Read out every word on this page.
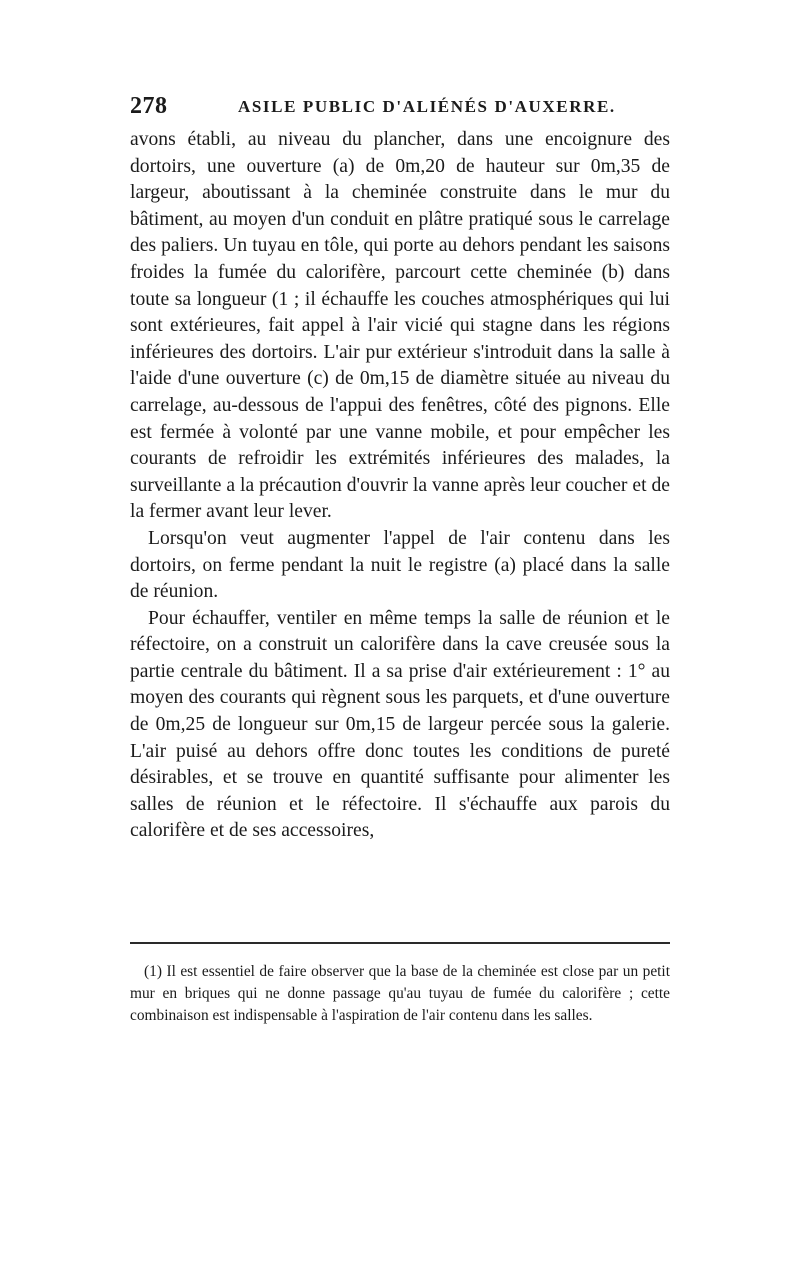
278	ASILE PUBLIC D'ALIÉNÉS D'AUXERRE.

avons établi, au niveau du plancher, dans une encoignure des dortoirs, une ouverture (a) de 0m,20 de hauteur sur 0m,35 de largeur, aboutissant à la cheminée construite dans le mur du bâtiment, au moyen d'un conduit en plâtre pratiqué sous le carrelage des paliers. Un tuyau en tôle, qui porte au dehors pendant les saisons froides la fumée du calorifère, parcourt cette cheminée (b) dans toute sa longueur (1 ; il échauffe les couches atmosphériques qui lui sont extérieures, fait appel à l'air vicié qui stagne dans les régions inférieures des dortoirs. L'air pur extérieur s'introduit dans la salle à l'aide d'une ouverture (c) de 0m,15 de diamètre située au niveau du carrelage, au-dessous de l'appui des fenêtres, côté des pignons. Elle est fermée à volonté par une vanne mobile, et pour empêcher les courants de refroidir les extrémités inférieures des malades, la surveillante a la précaution d'ouvrir la vanne après leur coucher et de la fermer avant leur lever.

Lorsqu'on veut augmenter l'appel de l'air contenu dans les dortoirs, on ferme pendant la nuit le registre (a) placé dans la salle de réunion.

Pour échauffer, ventiler en même temps la salle de réunion et le réfectoire, on a construit un calorifère dans la cave creusée sous la partie centrale du bâtiment. Il a sa prise d'air extérieurement : 1° au moyen des courants qui règnent sous les parquets, et d'une ouverture de 0m,25 de longueur sur 0m,15 de largeur percée sous la galerie. L'air puisé au dehors offre donc toutes les conditions de pureté désirables, et se trouve en quantité suffisante pour alimenter les salles de réunion et le réfectoire. Il s'échauffe aux parois du calorifère et de ses accessoires,

(1) Il est essentiel de faire observer que la base de la cheminée est close par un petit mur en briques qui ne donne passage qu'au tuyau de fumée du calorifère ; cette combinaison est indispensable à l'aspiration de l'air contenu dans les salles.
